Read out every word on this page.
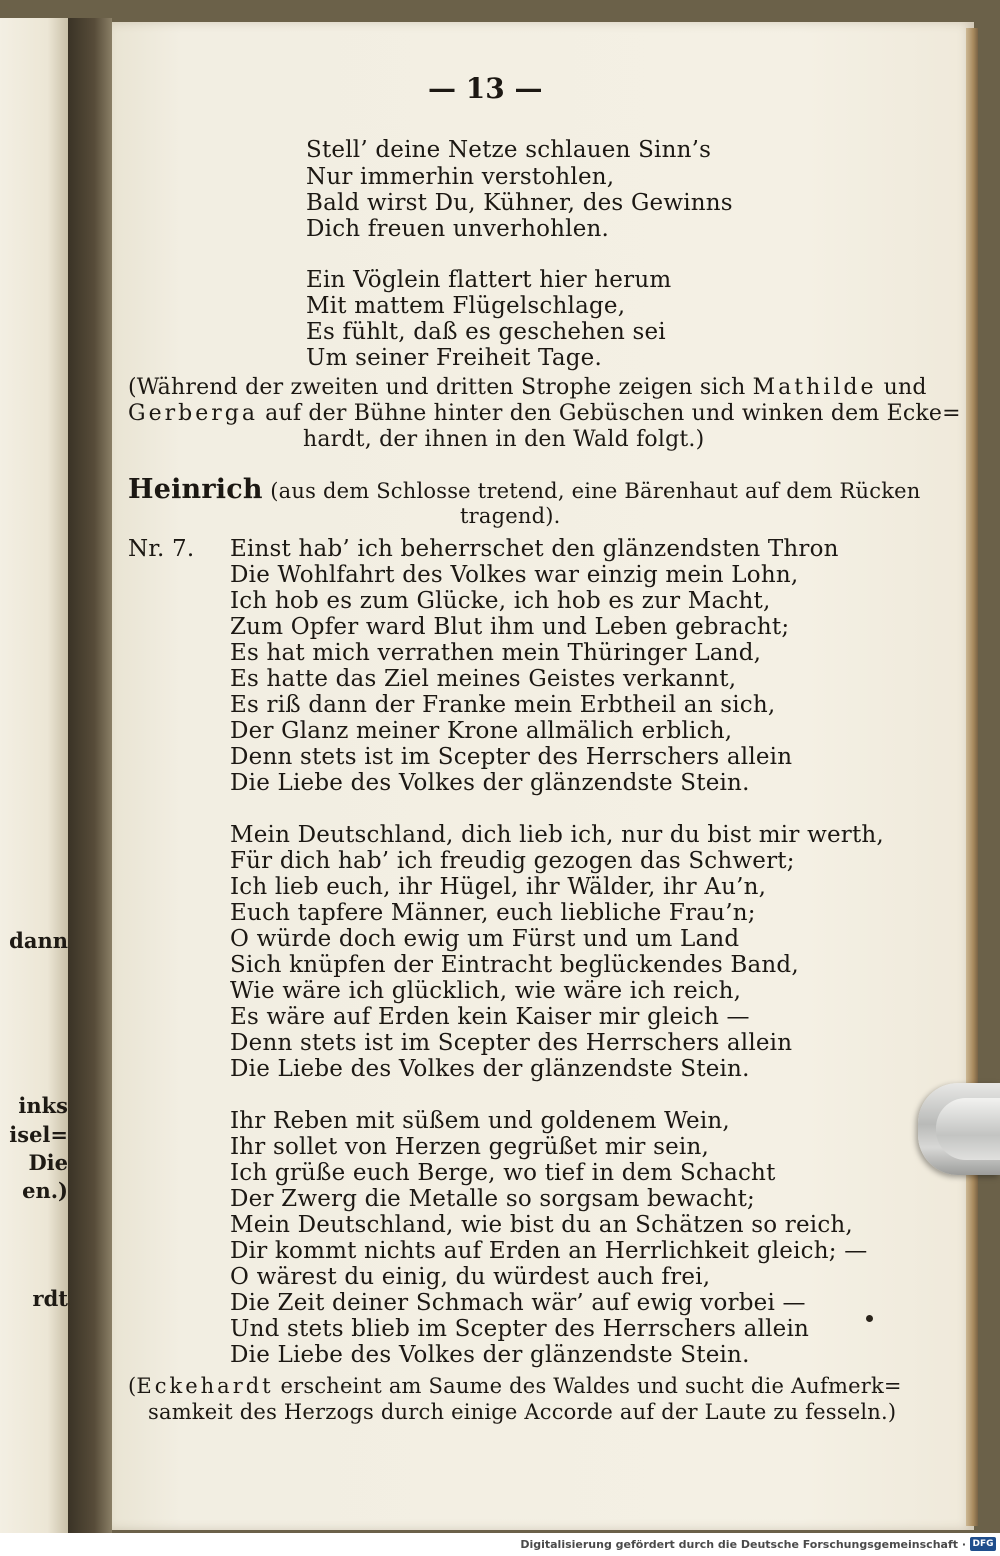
dann
inks
isel=
Die
en.)
rdt
— 13 —
Stell’ deine Netze schlauen Sinn’s
Nur immerhin verstohlen,
Bald wirst Du, Kühner, des Gewinns
Dich freuen unverhohlen.
Ein Vöglein flattert hier herum
Mit mattem Flügelschlage,
Es fühlt, daß es geschehen sei
Um seiner Freiheit Tage.
(Während der zweiten und dritten Strophe zeigen sich Mathilde und
Gerberga auf der Bühne hinter den Gebüschen und winken dem Ecke=
hardt, der ihnen in den Wald folgt.)
Heinrich (aus dem Schlosse tretend, eine Bärenhaut auf dem Rücken
tragend).
Nr. 7. Einst hab’ ich beherrschet den glänzendsten Thron
Die Wohlfahrt des Volkes war einzig mein Lohn,
Ich hob es zum Glücke, ich hob es zur Macht,
Zum Opfer ward Blut ihm und Leben gebracht;
Es hat mich verrathen mein Thüringer Land,
Es hatte das Ziel meines Geistes verkannt,
Es riß dann der Franke mein Erbtheil an sich,
Der Glanz meiner Krone allmälich erblich,
Denn stets ist im Scepter des Herrschers allein
Die Liebe des Volkes der glänzendste Stein.
Mein Deutschland, dich lieb ich, nur du bist mir werth,
Für dich hab’ ich freudig gezogen das Schwert;
Ich lieb euch, ihr Hügel, ihr Wälder, ihr Au’n,
Euch tapfere Männer, euch liebliche Frau’n;
O würde doch ewig um Fürst und um Land
Sich knüpfen der Eintracht beglückendes Band,
Wie wäre ich glücklich, wie wäre ich reich,
Es wäre auf Erden kein Kaiser mir gleich —
Denn stets ist im Scepter des Herrschers allein
Die Liebe des Volkes der glänzendste Stein.
Ihr Reben mit süßem und goldenem Wein,
Ihr sollet von Herzen gegrüßet mir sein,
Ich grüße euch Berge, wo tief in dem Schacht
Der Zwerg die Metalle so sorgsam bewacht;
Mein Deutschland, wie bist du an Schätzen so reich,
Dir kommt nichts auf Erden an Herrlichkeit gleich; —
O wärest du einig, du würdest auch frei,
Die Zeit deiner Schmach wär’ auf ewig vorbei —
Und stets blieb im Scepter des Herrschers allein
Die Liebe des Volkes der glänzendste Stein.
(Eckehardt erscheint am Saume des Waldes und sucht die Aufmerk=
samkeit des Herzogs durch einige Accorde auf der Laute zu fesseln.)
Digitalisierung gefördert durch die Deutsche Forschungsgemeinschaft · DFG
